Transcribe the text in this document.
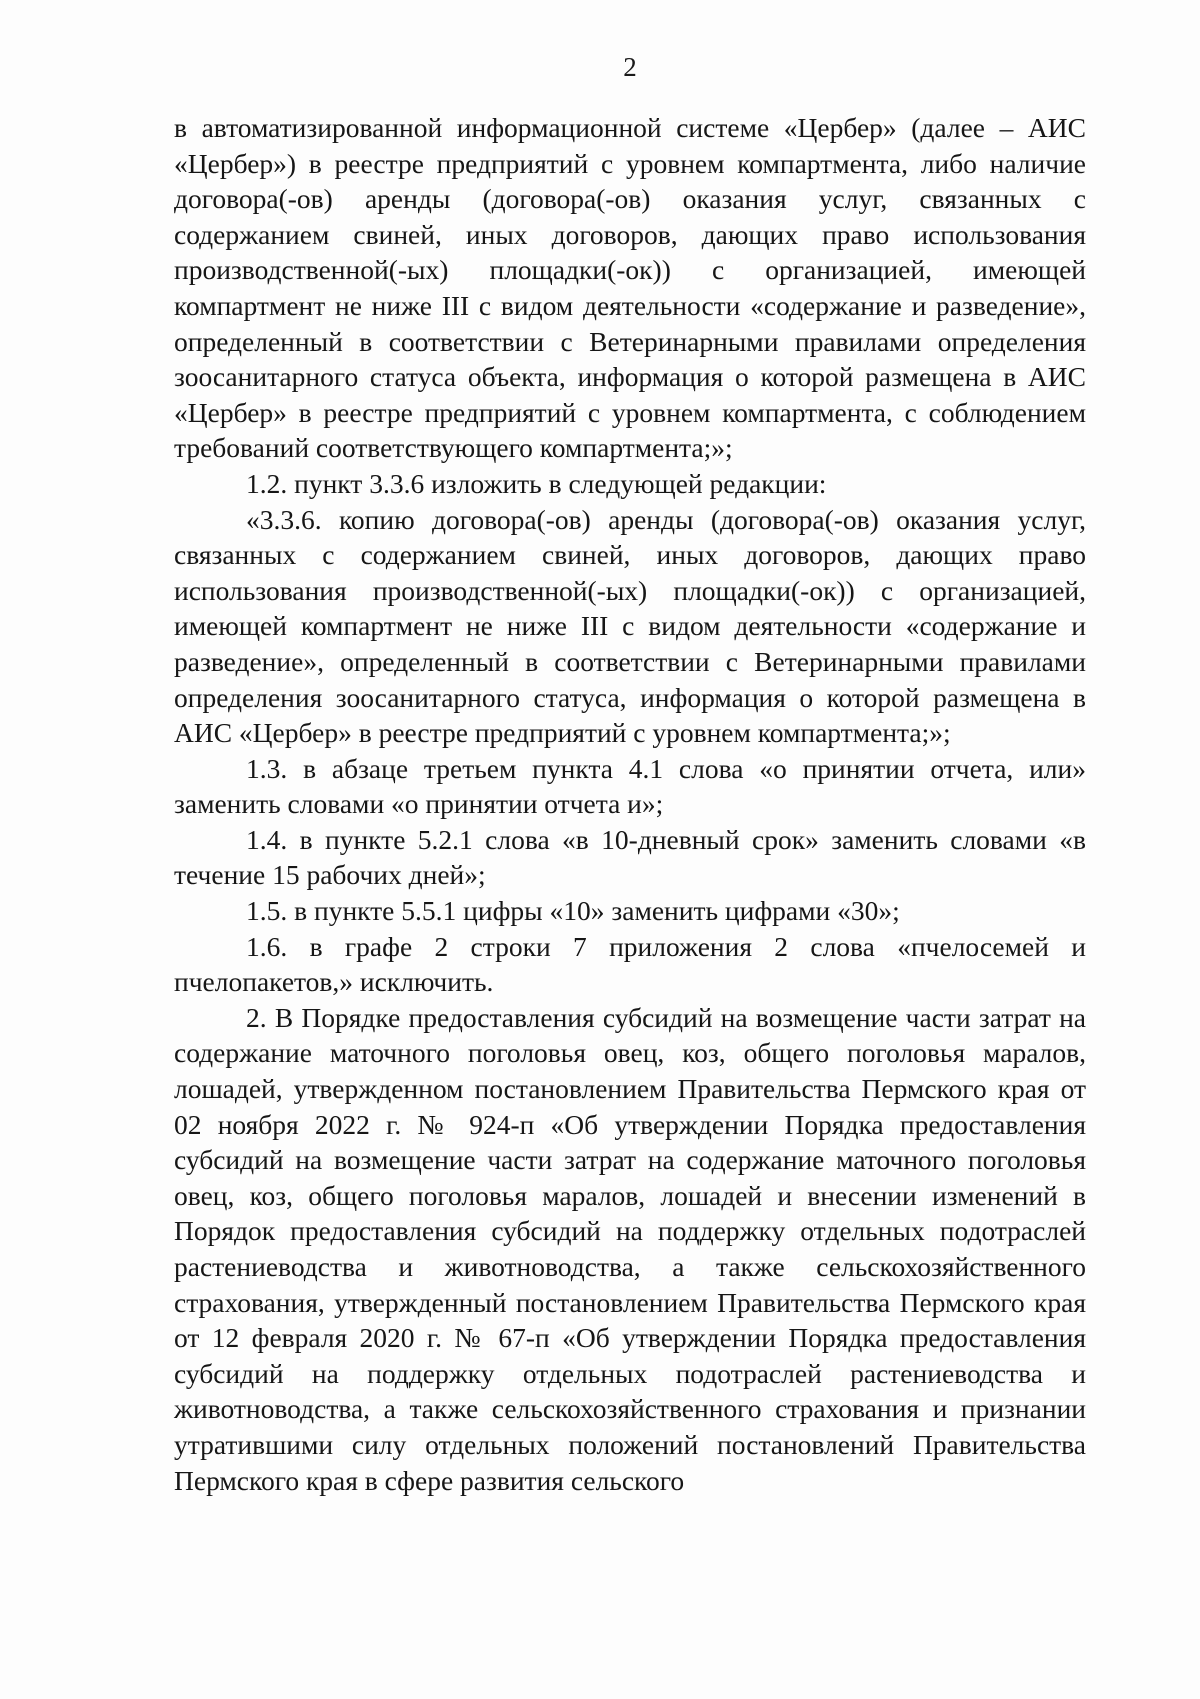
2

в автоматизированной информационной системе «Цербер» (далее – АИС «Цербер») в реестре предприятий с уровнем компартмента, либо наличие договора(-ов) аренды (договора(-ов) оказания услуг, связанных с содержанием свиней, иных договоров, дающих право использования производственной(-ых) площадки(-ок)) с организацией, имеющей компартмент не ниже III с видом деятельности «содержание и разведение», определенный в соответствии с Ветеринарными правилами определения зоосанитарного статуса объекта, информация о которой размещена в АИС «Цербер» в реестре предприятий с уровнем компартмента, с соблюдением требований соответствующего компартмента;»;

1.2. пункт 3.3.6 изложить в следующей редакции:

«3.3.6. копию договора(-ов) аренды (договора(-ов) оказания услуг, связанных с содержанием свиней, иных договоров, дающих право использования производственной(-ых) площадки(-ок)) с организацией, имеющей компартмент не ниже III с видом деятельности «содержание и разведение», определенный в соответствии с Ветеринарными правилами определения зоосанитарного статуса, информация о которой размещена в АИС «Цербер» в реестре предприятий с уровнем компартмента;»;

1.3. в абзаце третьем пункта 4.1 слова «о принятии отчета, или» заменить словами «о принятии отчета и»;

1.4. в пункте 5.2.1 слова «в 10-дневный срок» заменить словами «в течение 15 рабочих дней»;

1.5. в пункте 5.5.1 цифры «10» заменить цифрами «30»;

1.6. в графе 2 строки 7 приложения 2 слова «пчелосемей и пчелопакетов,» исключить.

2. В Порядке предоставления субсидий на возмещение части затрат на содержание маточного поголовья овец, коз, общего поголовья маралов, лошадей, утвержденном постановлением Правительства Пермского края от 02 ноября 2022 г. № 924-п «Об утверждении Порядка предоставления субсидий на возмещение части затрат на содержание маточного поголовья овец, коз, общего поголовья маралов, лошадей и внесении изменений в Порядок предоставления субсидий на поддержку отдельных подотраслей растениеводства и животноводства, а также сельскохозяйственного страхования, утвержденный постановлением Правительства Пермского края от 12 февраля 2020 г. № 67-п «Об утверждении Порядка предоставления субсидий на поддержку отдельных подотраслей растениеводства и животноводства, а также сельскохозяйственного страхования и признании утратившими силу отдельных положений постановлений Правительства Пермского края в сфере развития сельского
